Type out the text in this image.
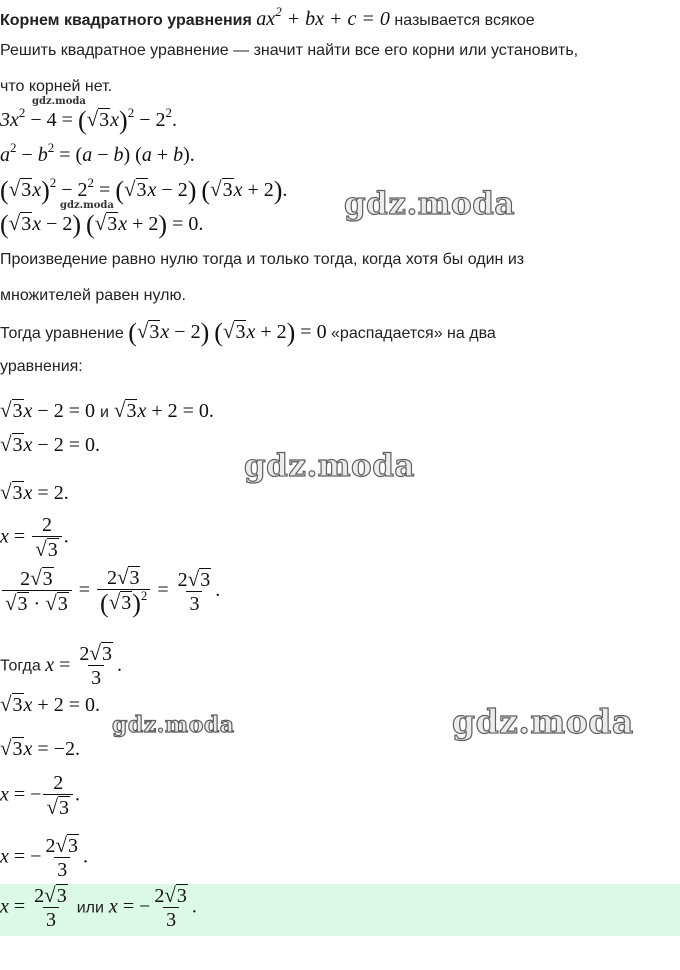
Корнем квадратного уравнения $ax^2$ + bx + c = 0 называется всякое
Решить квадратное уравнение — значит найти все его корни или установить,
что корней нет.
gdz.moda
gdz.moda
$3x^2 - 4 = (√3x)^2 - 2^2$.
$a^2 - b^2 = (a - b) (a + b)$.
$(√3x)^2 - 2^2 = (√3x - 2) (√3x + 2)$.
(√3x − 2) (√3x + 2) = 0.
gdz.moda
Произведение равно нулю тогда и только тогда, когда хотя бы один из
множителей равен нулю.
Тогда уравнение (√3x − 2) (√3x + 2) = 0 «распадается» на два
уравнения:
√3x − 2 = 0 и √3x + 2 = 0.
√3x − 2 = 0.
gdz.moda
√3x = 2.
$x = \frac{2}{√3}$ .
$\frac{2√3}{√3 \cdot √3} = \frac{2√3}{(√3)^2} = \frac{2√3}{3}$ .
Тогда $x = \frac{2√3}{3}$ .
√3x + 2 = 0.
gdz.moda	gdz.moda
√3x = −2.
x = − $\frac{2}{√3}$ .
x = − $\frac{2√3}{3}$ .
$x = \frac{2√3}{3}$ или x = − $\frac{2√3}{3}$ .
